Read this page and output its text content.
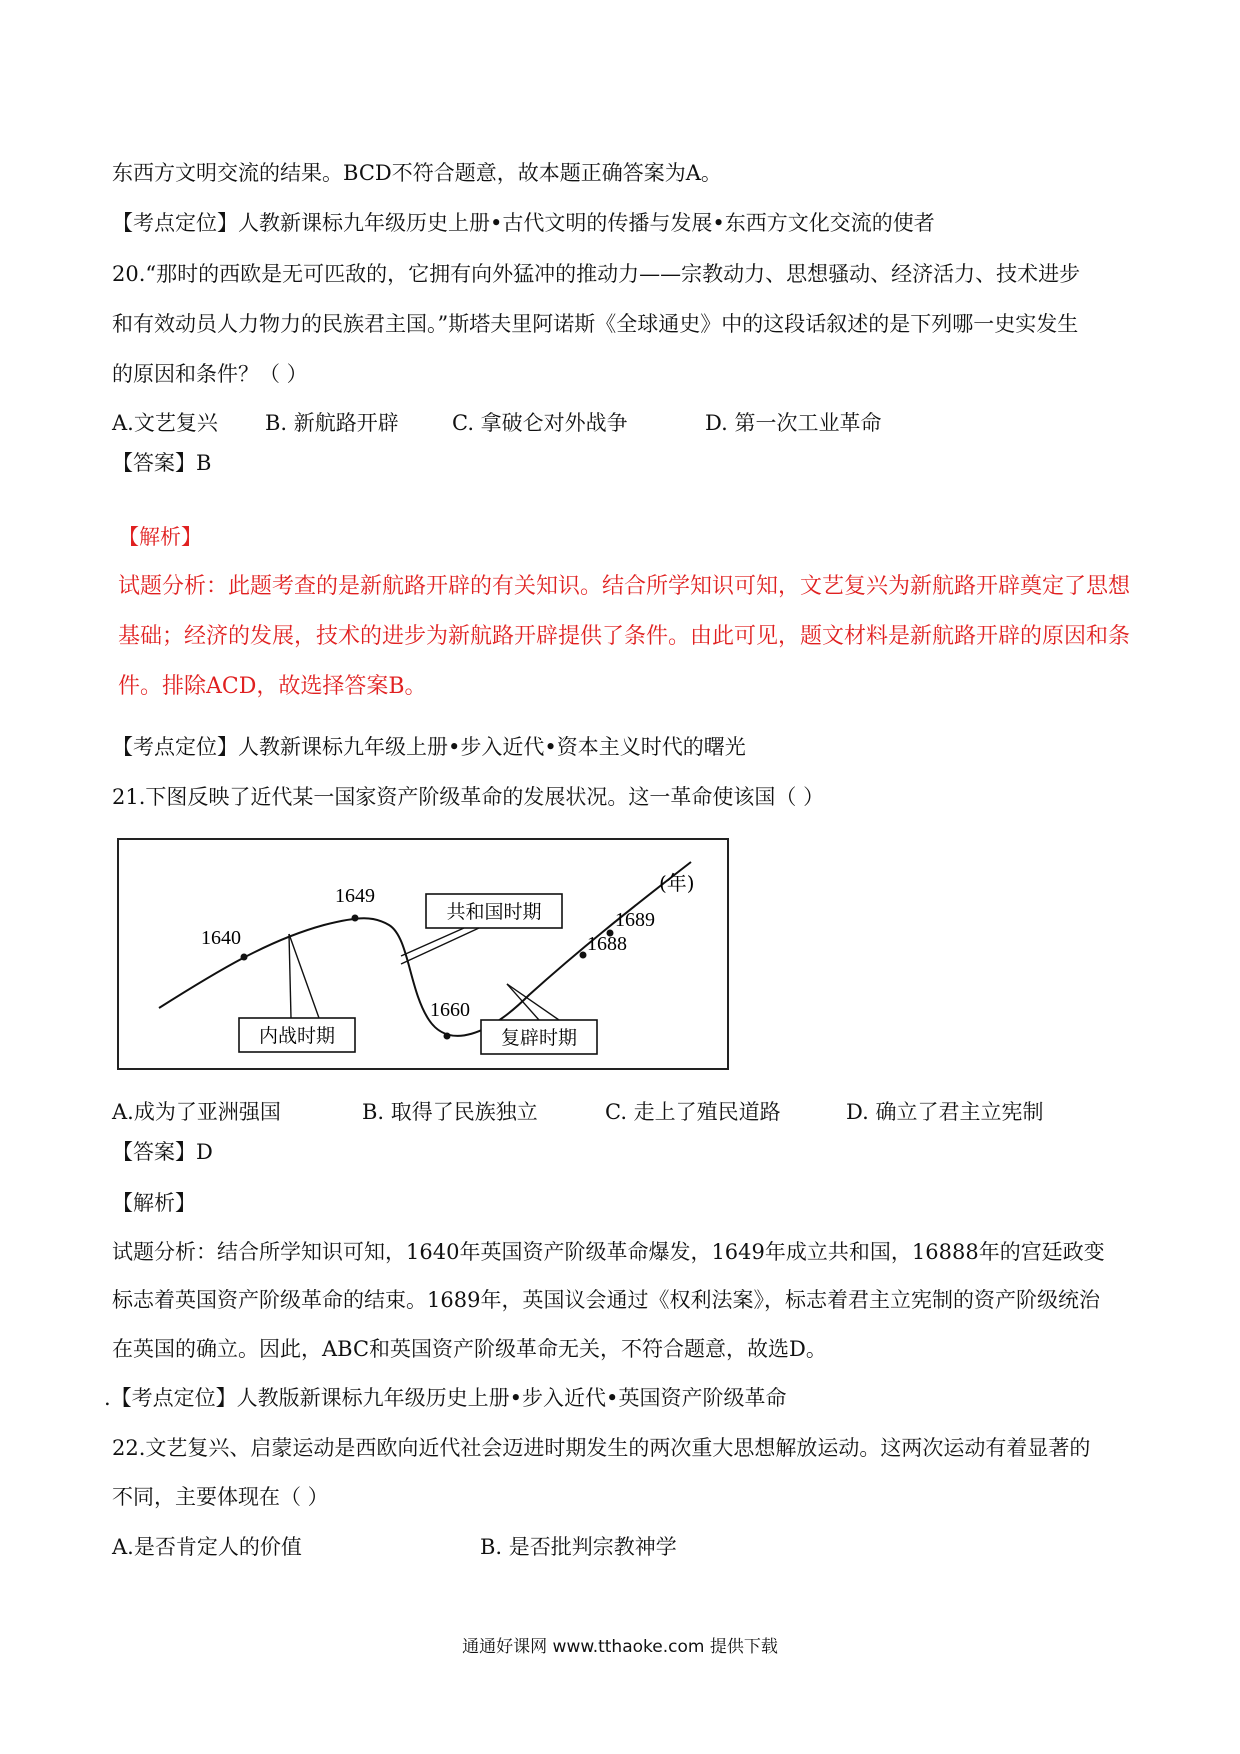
东西方文明交流的结果。BCD不符合题意，故本题正确答案为A。
【考点定位】人教新课标九年级历史上册•古代文明的传播与发展•东西方文化交流的使者
20.“那时的西欧是无可匹敌的，它拥有向外猛冲的推动力——宗教动力、思想骚动、经济活力、技术进步
和有效动员人力物力的民族君主国。”斯塔夫里阿诺斯《全球通史》中的这段话叙述的是下列哪一史实发生
的原因和条件？（ ）
A.文艺复兴 B. 新航路开辟	C. 拿破仑对外战争	D. 第一次工业革命
【答案】B
【解析】
试题分析：此题考查的是新航路开辟的有关知识。结合所学知识可知，文艺复兴为新航路开辟奠定了思想
基础；经济的发展，技术的进步为新航路开辟提供了条件。由此可见，题文材料是新航路开辟的原因和条
件。排除ACD，故选择答案B。
【考点定位】人教新课标九年级上册•步入近代•资本主义时代的曙光
21.下图反映了近代某一国家资产阶级革命的发展状况。这一革命使该国（ ）
1640
1649
1660
1688
1689
(年)
共和国时期
内战时期	复辟时期
A.成为了亚洲强国	B. 取得了民族独立	C. 走上了殖民道路	D. 确立了君主立宪制
【答案】D
【解析】
试题分析：结合所学知识可知，1640年英国资产阶级革命爆发，1649年成立共和国，16888年的宫廷政变
标志着英国资产阶级革命的结束。1689年，英国议会通过《权利法案》，标志着君主立宪制的资产阶级统治
在英国的确立。因此，ABC和英国资产阶级革命无关，不符合题意，故选D。
.【考点定位】人教版新课标九年级历史上册•步入近代•英国资产阶级革命
22.文艺复兴、启蒙运动是西欧向近代社会迈进时期发生的两次重大思想解放运动。这两次运动有着显著的
不同，主要体现在（ ）
A.是否肯定人的价值	B. 是否批判宗教神学
通通好课网 www.tthaoke.com 提供下载
